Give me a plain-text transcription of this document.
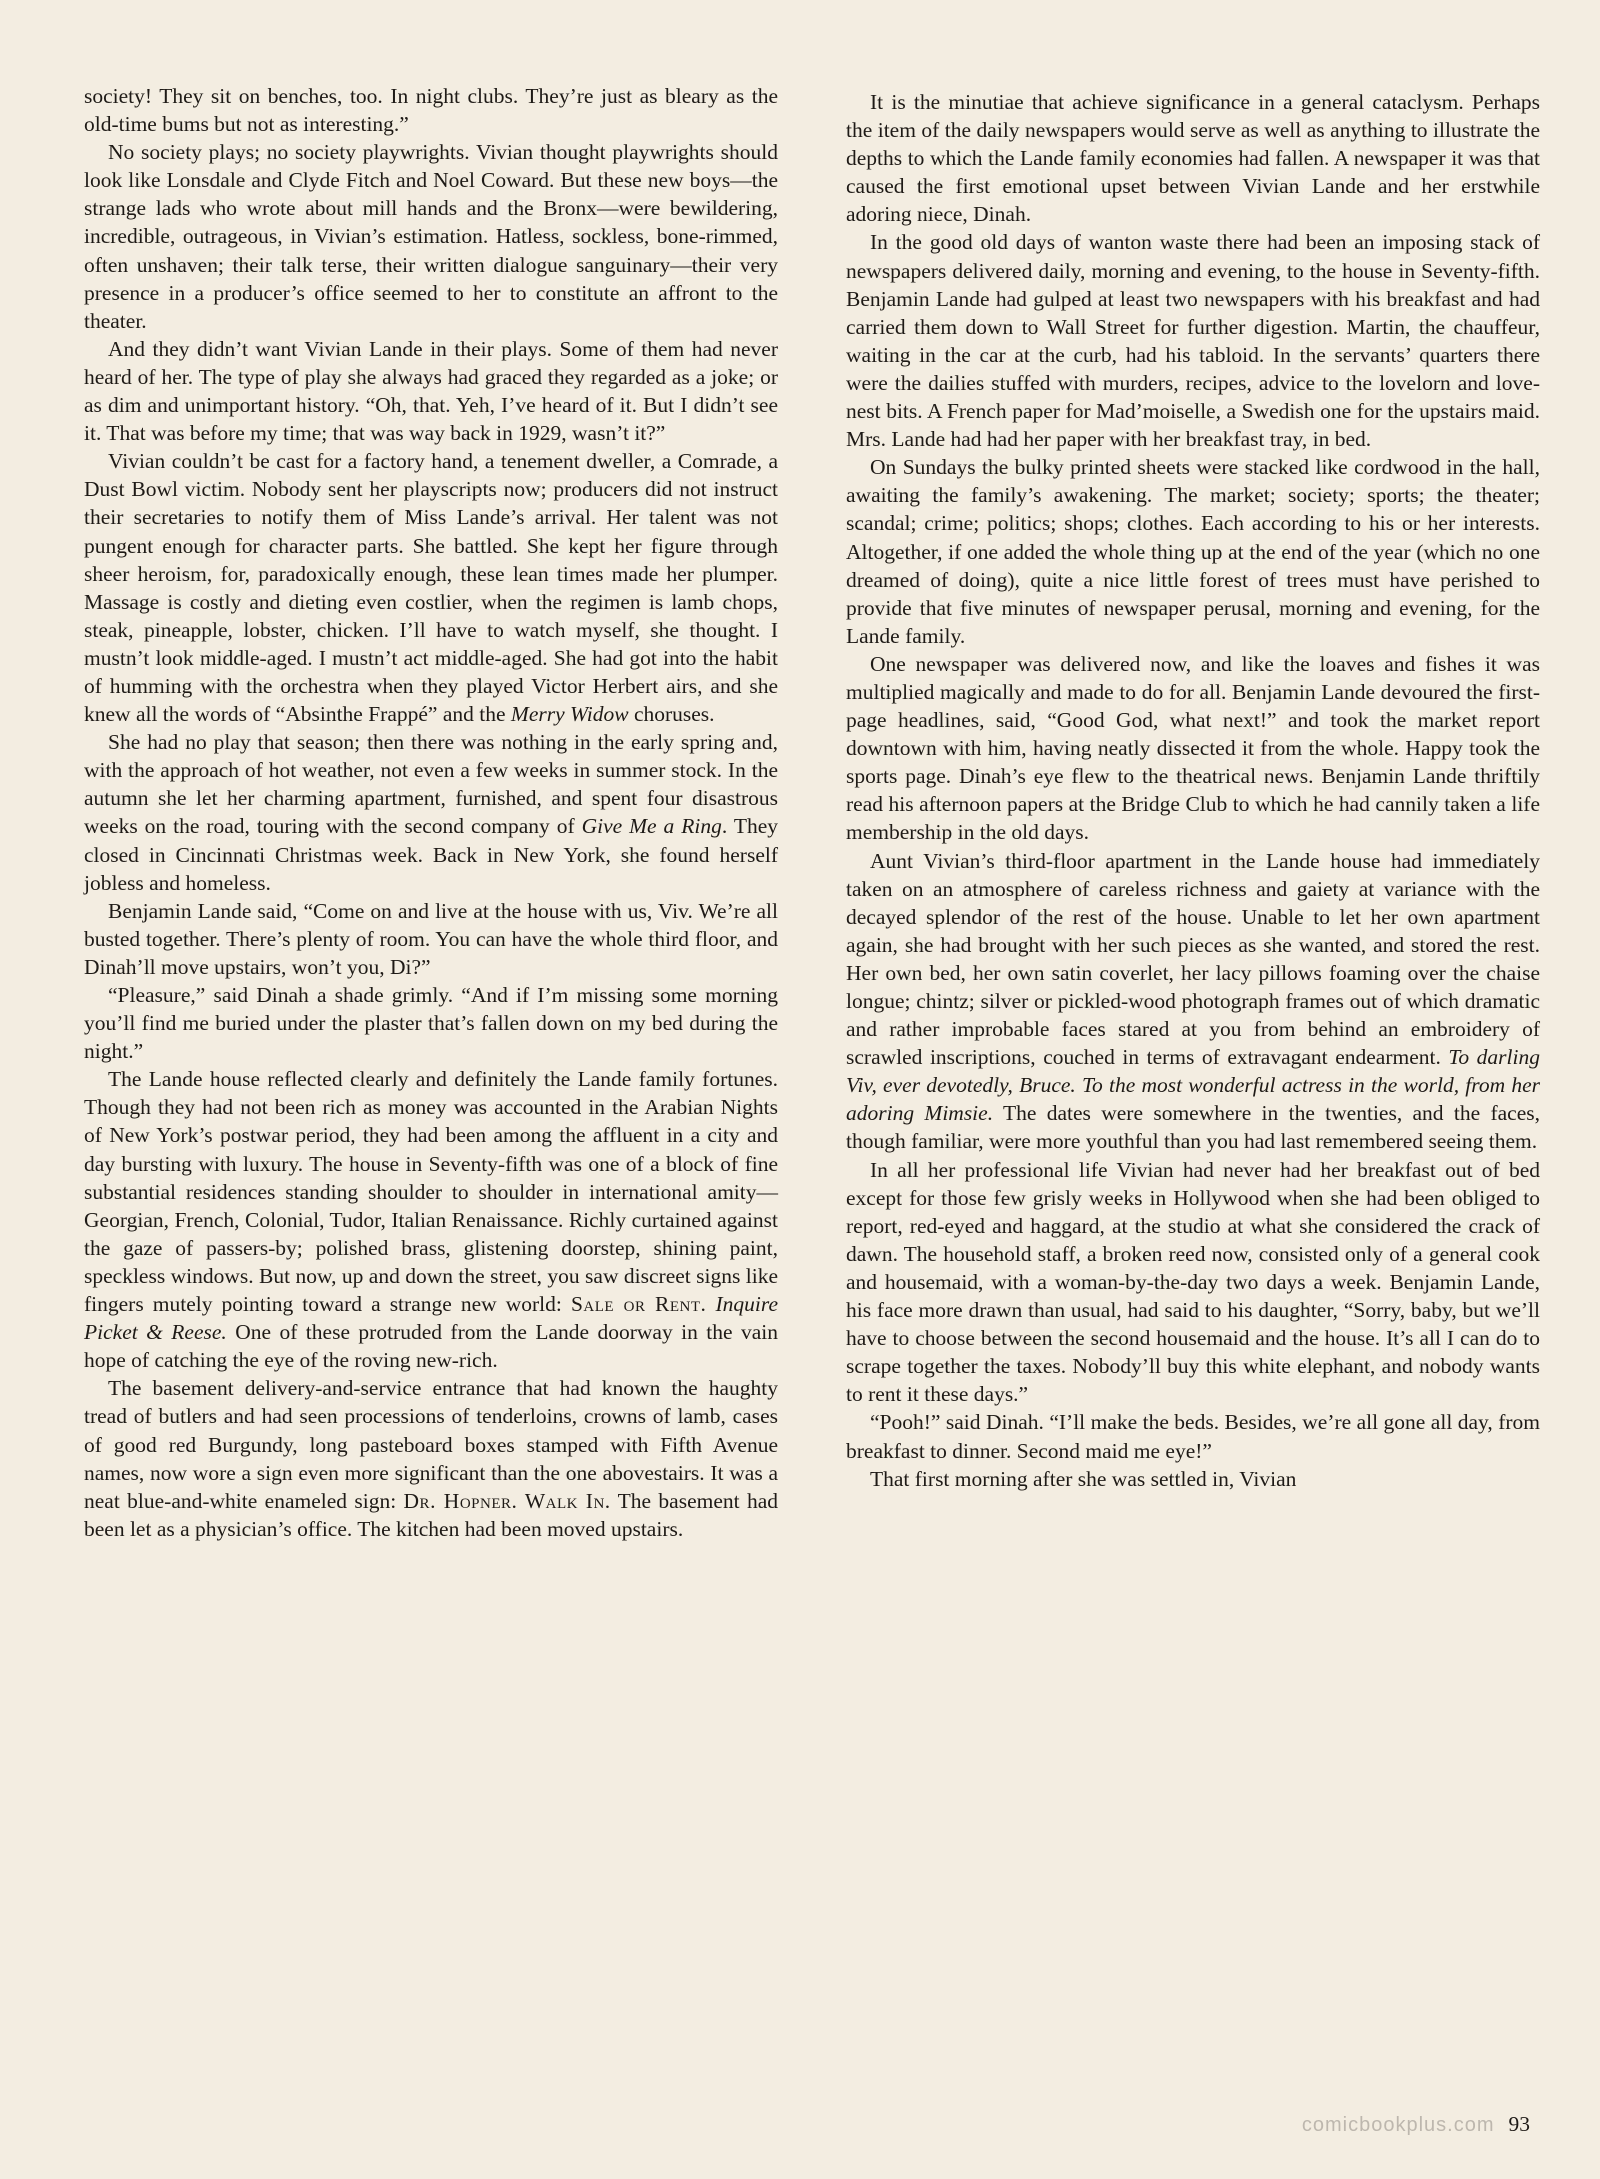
society! They sit on benches, too. In night clubs. They’re just as bleary as the old-time bums but not as interesting.”

No society plays; no society playwrights. Vivian thought playwrights should look like Lonsdale and Clyde Fitch and Noel Coward. But these new boys—the strange lads who wrote about mill hands and the Bronx—were bewildering, incredible, outrageous, in Vivian’s estimation. Hatless, sockless, bone-rimmed, often unshaven; their talk terse, their written dialogue sanguinary—their very presence in a producer’s office seemed to her to constitute an affront to the theater.

And they didn’t want Vivian Lande in their plays. Some of them had never heard of her. The type of play she always had graced they regarded as a joke; or as dim and unimportant history. “Oh, that. Yeh, I’ve heard of it. But I didn’t see it. That was before my time; that was way back in 1929, wasn’t it?”

Vivian couldn’t be cast for a factory hand, a tenement dweller, a Comrade, a Dust Bowl victim. Nobody sent her playscripts now; producers did not instruct their secretaries to notify them of Miss Lande’s arrival. Her talent was not pungent enough for character parts. She battled. She kept her figure through sheer heroism, for, paradoxically enough, these lean times made her plumper. Massage is costly and dieting even costlier, when the regimen is lamb chops, steak, pineapple, lobster, chicken. I’ll have to watch myself, she thought. I mustn’t look middle-aged. I mustn’t act middle-aged. She had got into the habit of humming with the orchestra when they played Victor Herbert airs, and she knew all the words of “Absinthe Frappé” and the Merry Widow choruses.

She had no play that season; then there was nothing in the early spring and, with the approach of hot weather, not even a few weeks in summer stock. In the autumn she let her charming apartment, furnished, and spent four disastrous weeks on the road, touring with the second company of Give Me a Ring. They closed in Cincinnati Christmas week. Back in New York, she found herself jobless and homeless.

Benjamin Lande said, “Come on and live at the house with us, Viv. We’re all busted together. There’s plenty of room. You can have the whole third floor, and Dinah’ll move upstairs, won’t you, Di?”

“Pleasure,” said Dinah a shade grimly. “And if I’m missing some morning you’ll find me buried under the plaster that’s fallen down on my bed during the night.”

The Lande house reflected clearly and definitely the Lande family fortunes. Though they had not been rich as money was accounted in the Arabian Nights of New York’s postwar period, they had been among the affluent in a city and day bursting with luxury. The house in Seventy-fifth was one of a block of fine substantial residences standing shoulder to shoulder in international amity—Georgian, French, Colonial, Tudor, Italian Renaissance. Richly curtained against the gaze of passers-by; polished brass, glistening doorstep, shining paint, speckless windows. But now, up and down the street, you saw discreet signs like fingers mutely pointing toward a strange new world: Sale or Rent. Inquire Picket & Reese. One of these protruded from the Lande doorway in the vain hope of catching the eye of the roving new-rich.

The basement delivery-and-service entrance that had known the haughty tread of butlers and had seen processions of tenderloins, crowns of lamb, cases of good red Burgundy, long pasteboard boxes stamped with Fifth Avenue names, now wore a sign even more significant than the one abovestairs. It was a neat blue-and-white enameled sign: Dr. Hopner. Walk In. The basement had been let as a physician’s office. The kitchen had been moved upstairs.

It is the minutiae that achieve significance in a general cataclysm. Perhaps the item of the daily newspapers would serve as well as anything to illustrate the depths to which the Lande family economies had fallen. A newspaper it was that caused the first emotional upset between Vivian Lande and her erstwhile adoring niece, Dinah.

In the good old days of wanton waste there had been an imposing stack of newspapers delivered daily, morning and evening, to the house in Seventy-fifth. Benjamin Lande had gulped at least two newspapers with his breakfast and had carried them down to Wall Street for further digestion. Martin, the chauffeur, waiting in the car at the curb, had his tabloid. In the servants’ quarters there were the dailies stuffed with murders, recipes, advice to the lovelorn and love-nest bits. A French paper for Mad’moiselle, a Swedish one for the upstairs maid. Mrs. Lande had had her paper with her breakfast tray, in bed.

On Sundays the bulky printed sheets were stacked like cordwood in the hall, awaiting the family’s awakening. The market; society; sports; the theater; scandal; crime; politics; shops; clothes. Each according to his or her interests. Altogether, if one added the whole thing up at the end of the year (which no one dreamed of doing), quite a nice little forest of trees must have perished to provide that five minutes of newspaper perusal, morning and evening, for the Lande family.

One newspaper was delivered now, and like the loaves and fishes it was multiplied magically and made to do for all. Benjamin Lande devoured the first-page headlines, said, “Good God, what next!” and took the market report downtown with him, having neatly dissected it from the whole. Happy took the sports page. Dinah’s eye flew to the theatrical news. Benjamin Lande thriftily read his afternoon papers at the Bridge Club to which he had cannily taken a life membership in the old days.

Aunt Vivian’s third-floor apartment in the Lande house had immediately taken on an atmosphere of careless richness and gaiety at variance with the decayed splendor of the rest of the house. Unable to let her own apartment again, she had brought with her such pieces as she wanted, and stored the rest. Her own bed, her own satin coverlet, her lacy pillows foaming over the chaise longue; chintz; silver or pickled-wood photograph frames out of which dramatic and rather improbable faces stared at you from behind an embroidery of scrawled inscriptions, couched in terms of extravagant endearment. To darling Viv, ever devotedly, Bruce. To the most wonderful actress in the world, from her adoring Mimsie. The dates were somewhere in the twenties, and the faces, though familiar, were more youthful than you had last remembered seeing them.

In all her professional life Vivian had never had her breakfast out of bed except for those few grisly weeks in Hollywood when she had been obliged to report, red-eyed and haggard, at the studio at what she considered the crack of dawn. The household staff, a broken reed now, consisted only of a general cook and housemaid, with a woman-by-the-day two days a week. Benjamin Lande, his face more drawn than usual, had said to his daughter, “Sorry, baby, but we’ll have to choose between the second housemaid and the house. It’s all I can do to scrape together the taxes. Nobody’ll buy this white elephant, and nobody wants to rent it these days.”

“Pooh!” said Dinah. “I’ll make the beds. Besides, we’re all gone all day, from breakfast to dinner. Second maid me eye!”

That first morning after she was settled in, Vivian

comicbookplus.com 93
